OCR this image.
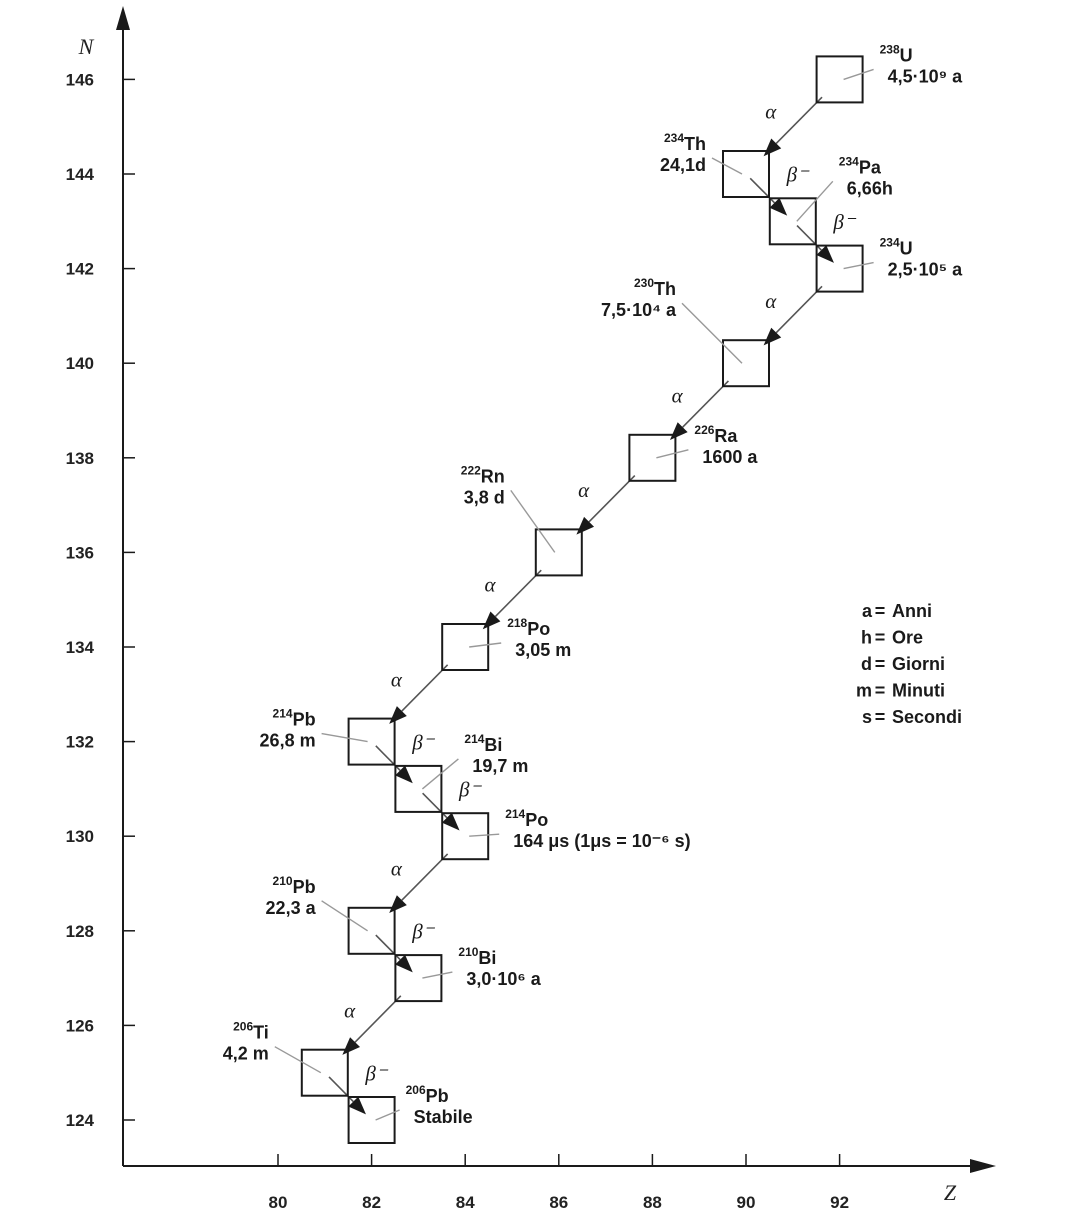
N
Z
124
126
128
130
132
134
136
138
140
142
144
146
80	82	84	86	88	90	92
α
β⁻
β⁻
α
α
α
α
α
β⁻
β⁻
α
β⁻
α
β⁻
$^{238}$U
4,5·10⁹ a
$^{234}$Th
24,1d	$^{234}$Pa
6,66h
$^{234}$U
2,5·10⁵ a
$^{230}$Th
7,5·10⁴ a
$^{226}$Ra
1600 a
$^{222}$Rn
3,8 d
$^{218}$Po
3,05 m
$^{214}$Pb
26,8 m	$^{214}$Bi
19,7 m
$^{214}$Po
164 μs (1μs = 10⁻⁶ s)
$^{210}$Pb
22,3 a
$^{210}$Bi
3,0·10⁶ a
$^{206}$Ti
4,2 m
$^{206}$Pb
Stabile
a = Anni
h = Ore
d = Giorni
m = Minuti
s = Secondi
